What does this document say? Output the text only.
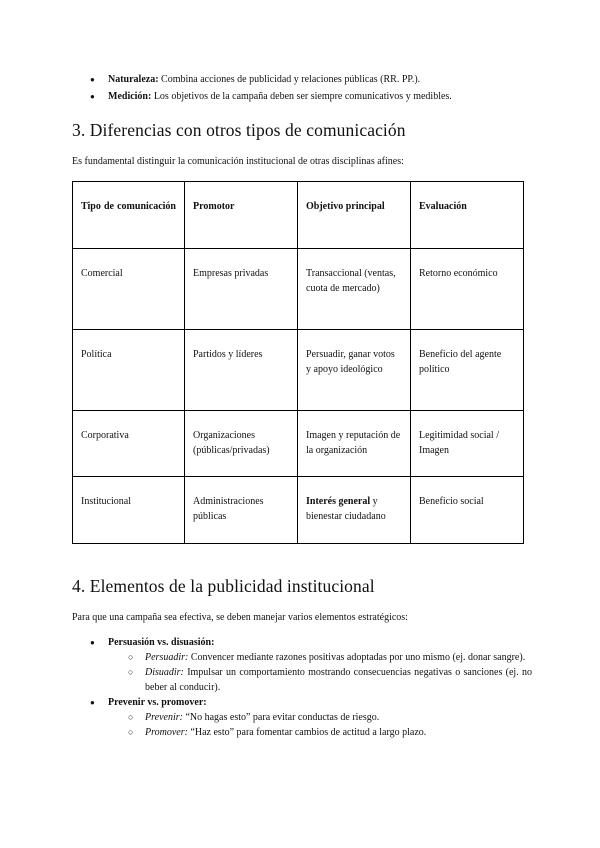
● Naturaleza: Combina acciones de publicidad y relaciones públicas (RR. PP.).
● Medición: Los objetivos de la campaña deben ser siempre comunicativos y medibles.
3. Diferencias con otros tipos de comunicación
Es fundamental distinguir la comunicación institucional de otras disciplinas afines:
Tipo de comunicación	Promotor	Objetivo principal	Evaluación
Comercial	Empresas privadas	Transaccional (ventas, cuota de mercado)	Retorno económico
Política	Partidos y líderes	Persuadir, ganar votos y apoyo ideológico	Beneficio del agente político
Corporativa	Organizaciones (públicas/privadas)	Imagen y reputación de la organización	Legitimidad social / Imagen
Institucional	Administraciones públicas	Interés general y bienestar ciudadano	Beneficio social
4. Elementos de la publicidad institucional
Para que una campaña sea efectiva, se deben manejar varios elementos estratégicos:
● Persuasión vs. disuasión:
○ Persuadir: Convencer mediante razones positivas adoptadas por uno mismo (ej. donar sangre).
○ Disuadir: Impulsar un comportamiento mostrando consecuencias negativas o sanciones (ej. no beber al conducir).
● Prevenir vs. promover:
○ Prevenir: “No hagas esto” para evitar conductas de riesgo.
○ Promover: “Haz esto” para fomentar cambios de actitud a largo plazo.
